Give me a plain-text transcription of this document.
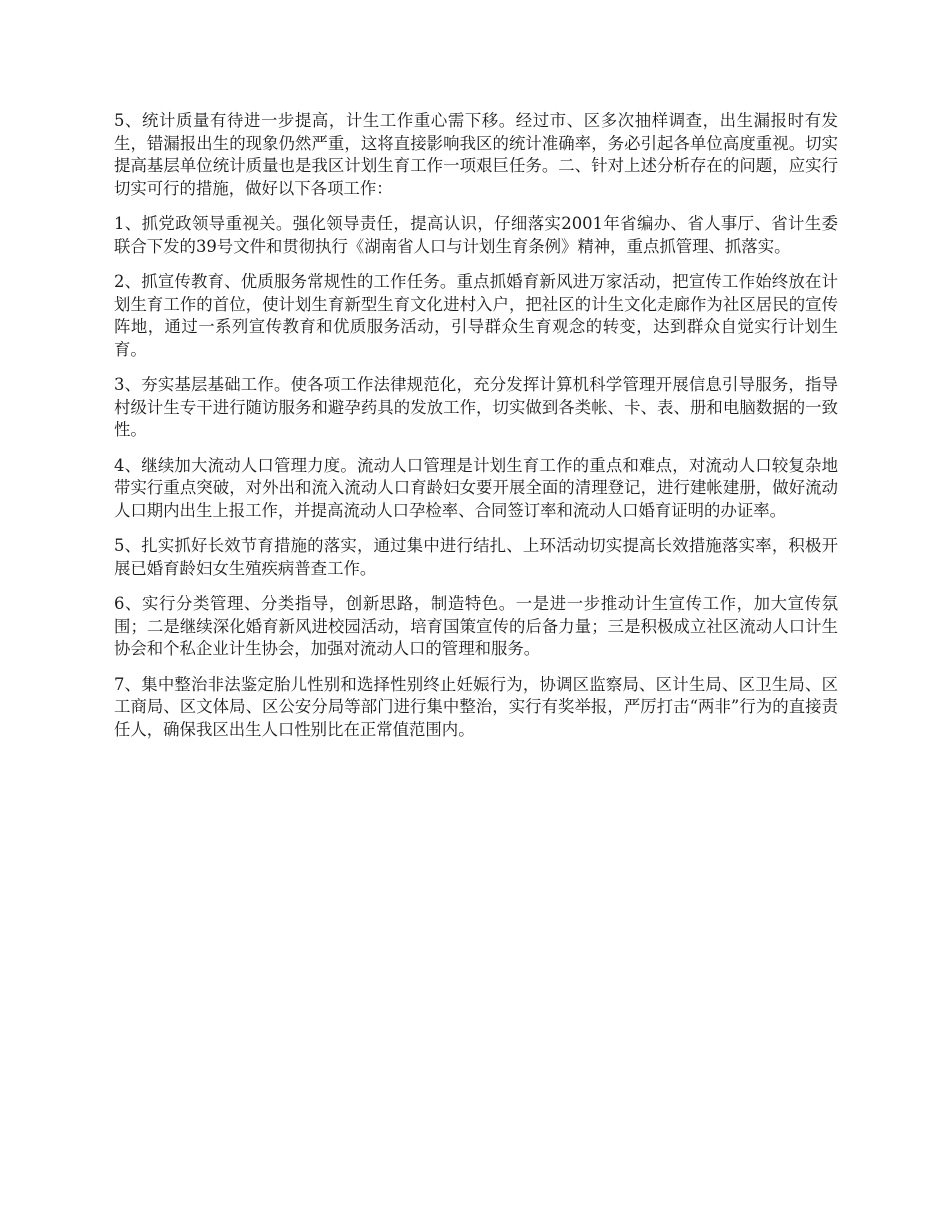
5、统计质量有待进一步提高，计生工作重心需下移。经过市、区多次抽样调查，出生漏报时有发生，错漏报出生的现象仍然严重，这将直接影响我区的统计准确率，务必引起各单位高度重视。切实提高基层单位统计质量也是我区计划生育工作一项艰巨任务。二、针对上述分析存在的问题，应实行切实可行的措施，做好以下各项工作：

1、抓党政领导重视关。强化领导责任，提高认识，仔细落实2001年省编办、省人事厅、省计生委联合下发的39号文件和贯彻执行《湖南省人口与计划生育条例》精神，重点抓管理、抓落实。

2、抓宣传教育、优质服务常规性的工作任务。重点抓婚育新风进万家活动，把宣传工作始终放在计划生育工作的首位，使计划生育新型生育文化进村入户，把社区的计生文化走廊作为社区居民的宣传阵地，通过一系列宣传教育和优质服务活动，引导群众生育观念的转变，达到群众自觉实行计划生育。

3、夯实基层基础工作。使各项工作法律规范化，充分发挥计算机科学管理开展信息引导服务，指导村级计生专干进行随访服务和避孕药具的发放工作，切实做到各类帐、卡、表、册和电脑数据的一致性。

4、继续加大流动人口管理力度。流动人口管理是计划生育工作的重点和难点，对流动人口较复杂地带实行重点突破，对外出和流入流动人口育龄妇女要开展全面的清理登记，进行建帐建册，做好流动人口期内出生上报工作，并提高流动人口孕检率、合同签订率和流动人口婚育证明的办证率。

5、扎实抓好长效节育措施的落实，通过集中进行结扎、上环活动切实提高长效措施落实率，积极开展已婚育龄妇女生殖疾病普查工作。

6、实行分类管理、分类指导，创新思路，制造特色。一是进一步推动计生宣传工作，加大宣传氛围；二是继续深化婚育新风进校园活动，培育国策宣传的后备力量；三是积极成立社区流动人口计生协会和个私企业计生协会，加强对流动人口的管理和服务。

7、集中整治非法鉴定胎儿性别和选择性别终止妊娠行为，协调区监察局、区计生局、区卫生局、区工商局、区文体局、区公安分局等部门进行集中整治，实行有奖举报，严厉打击“两非”行为的直接责任人，确保我区出生人口性别比在正常值范围内。
